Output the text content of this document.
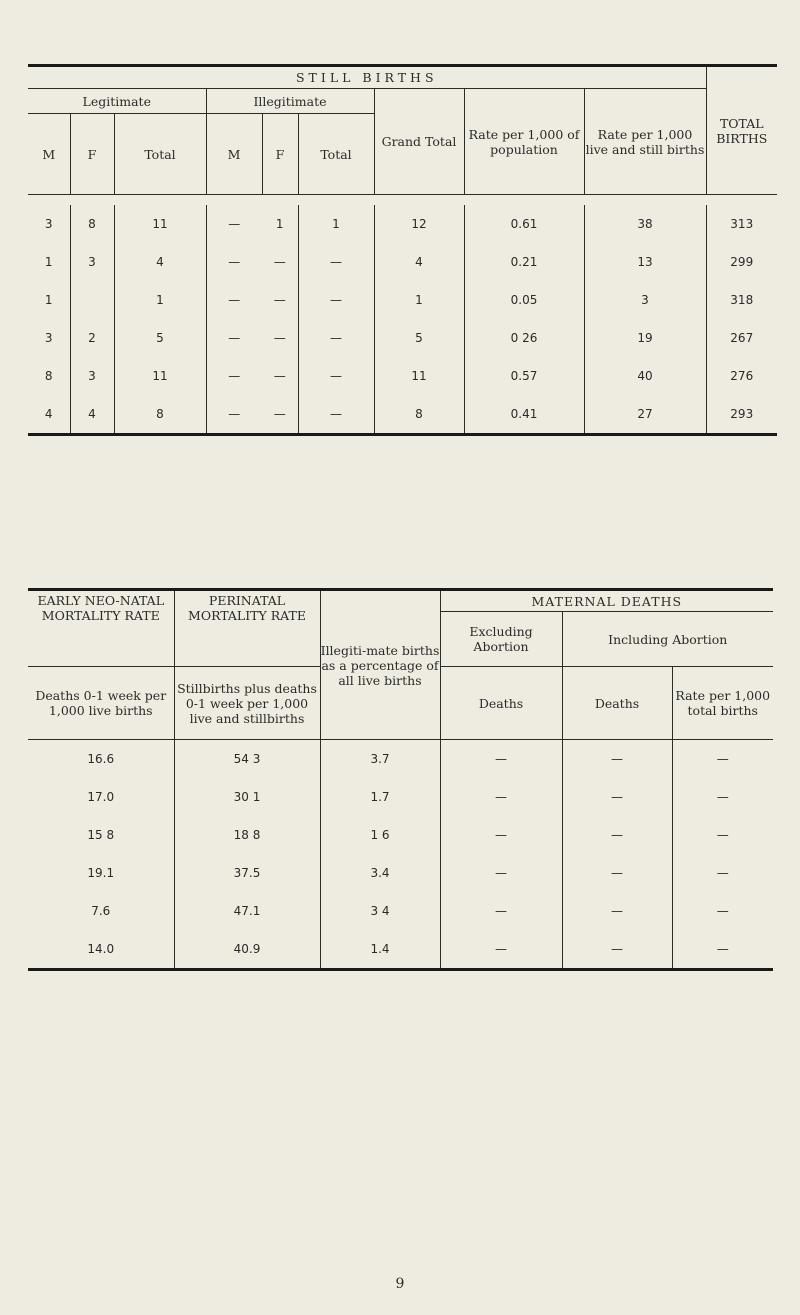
STILL BIRTHS									TOTAL BIRTHS
Legitimate			Illegitimate			Grand Total	Rate per 1,000 of population	Rate per 1,000 live and still births	
M	F	Total	M	F	Total				

3	8	11	—	1	1	12	0.61	38	313
1	3	4	—	—	—	4	0.21	13	299
1		1	—	—	—	1	0.05	3	318
3	2	5	—	—	—	5	0 26	19	267
8	3	11	—	—	—	11	0.57	40	276
4	4	8	—	—	—	8	0.41	27	293
EARLY NEO-NATAL MORTALITY RATE	PERINATAL MORTALITY RATE	Illegiti-mate births as a percentage of all live births	MATERNAL DEATHS		
			Excluding Abortion	Including Abortion	
Deaths 0-1 week per 1,000 live births	Stillbirths plus deaths 0-1 week per 1,000 live and stillbirths		Deaths	Deaths	Rate per 1,000 total births
16.6	54 3	3.7	—	—	—
17.0	30 1	1.7	—	—	—
15 8	18 8	1 6	—	—	—
19.1	37.5	3.4	—	—	—
7.6	47.1	3 4	—	—	—
14.0	40.9	1.4	—	—	—
9
